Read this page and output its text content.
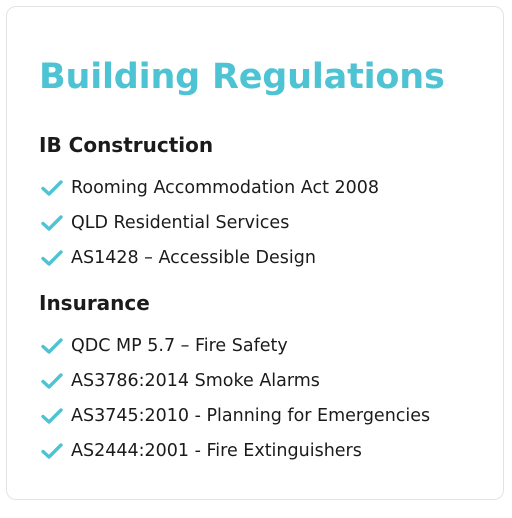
Building Regulations
IB Construction
Rooming Accommodation Act 2008
QLD Residential Services
AS1428 – Accessible Design
Insurance
QDC MP 5.7 – Fire Safety
AS3786:2014 Smoke Alarms
AS3745:2010 - Planning for Emergencies
AS2444:2001 - Fire Extinguishers
